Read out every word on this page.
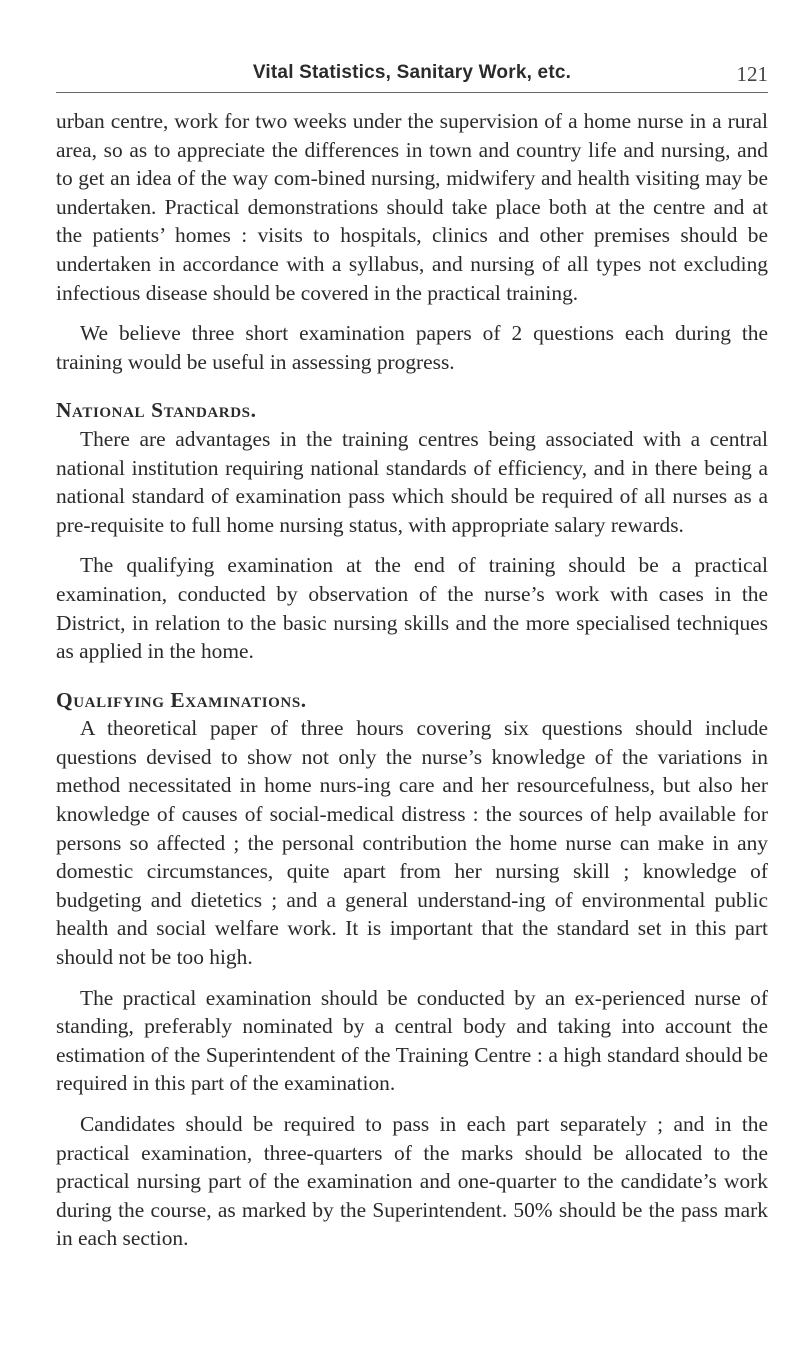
Vital Statistics, Sanitary Work, etc.	121

urban centre, work for two weeks under the supervision of a home nurse in a rural area, so as to appreciate the differences in town and country life and nursing, and to get an idea of the way com-bined nursing, midwifery and health visiting may be undertaken. Practical demonstrations should take place both at the centre and at the patients’ homes : visits to hospitals, clinics and other premises should be undertaken in accordance with a syllabus, and nursing of all types not excluding infectious disease should be covered in the practical training.

We believe three short examination papers of 2 questions each during the training would be useful in assessing progress.

National Standards.

There are advantages in the training centres being associated with a central national institution requiring national standards of efficiency, and in there being a national standard of examination pass which should be required of all nurses as a pre-requisite to full home nursing status, with appropriate salary rewards.

The qualifying examination at the end of training should be a practical examination, conducted by observation of the nurse’s work with cases in the District, in relation to the basic nursing skills and the more specialised techniques as applied in the home.

Qualifying Examinations.

A theoretical paper of three hours covering six questions should include questions devised to show not only the nurse’s knowledge of the variations in method necessitated in home nurs-ing care and her resourcefulness, but also her knowledge of causes of social-medical distress : the sources of help available for persons so affected ; the personal contribution the home nurse can make in any domestic circumstances, quite apart from her nursing skill ; knowledge of budgeting and dietetics ; and a general understand-ing of environmental public health and social welfare work. It is important that the standard set in this part should not be too high.

The practical examination should be conducted by an ex-perienced nurse of standing, preferably nominated by a central body and taking into account the estimation of the Superintendent of the Training Centre : a high standard should be required in this part of the examination.

Candidates should be required to pass in each part separately ; and in the practical examination, three-quarters of the marks should be allocated to the practical nursing part of the examination and one-quarter to the candidate’s work during the course, as marked by the Superintendent. 50% should be the pass mark in each section.
